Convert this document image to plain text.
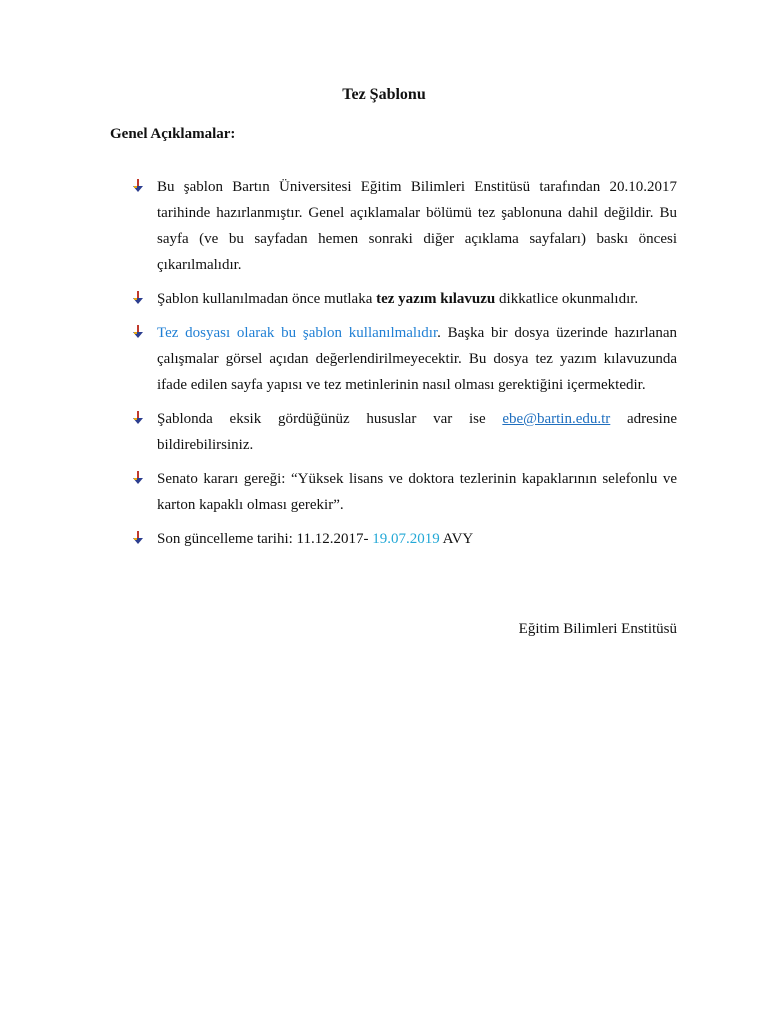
Tez Şablonu
Genel Açıklamalar:
Bu şablon Bartın Üniversitesi Eğitim Bilimleri Enstitüsü tarafından 20.10.2017 tarihinde hazırlanmıştır. Genel açıklamalar bölümü tez şablonuna dahil değildir. Bu sayfa (ve bu sayfadan hemen sonraki diğer açıklama sayfaları) baskı öncesi çıkarılmalıdır.
Şablon kullanılmadan önce mutlaka tez yazım kılavuzu dikkatlice okunmalıdır.
Tez dosyası olarak bu şablon kullanılmalıdır. Başka bir dosya üzerinde hazırlanan çalışmalar görsel açıdan değerlendirilmeyecektir. Bu dosya tez yazım kılavuzunda ifade edilen sayfa yapısı ve tez metinlerinin nasıl olması gerektiğini içermektedir.
Şablonda eksik gördüğünüz hususlar var ise ebe@bartin.edu.tr adresine bildirebilirsiniz.
Senato kararı gereği: “Yüksek lisans ve doktora tezlerinin kapaklarının selefonlu ve karton kapaklı olması gerekir”.
Son güncelleme tarihi: 11.12.2017- 19.07.2019 AVY
Eğitim Bilimleri Enstitüsü
